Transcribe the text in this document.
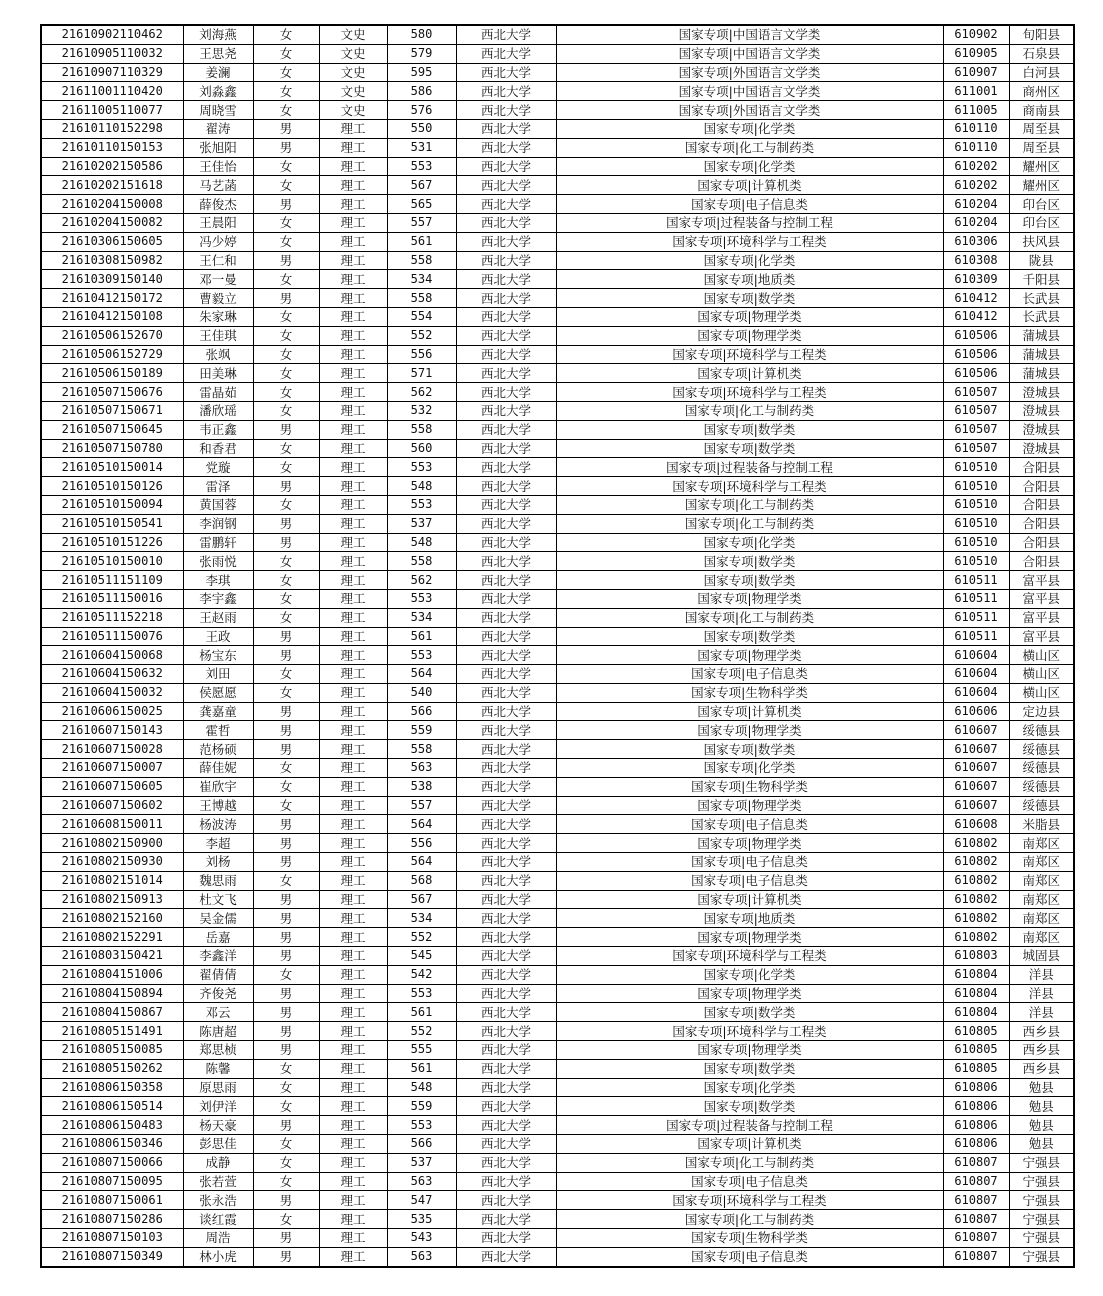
21610902110462	刘海燕	女	文史	580	西北大学	国家专项|中国语言文学类	610902	旬阳县
21610905110032	王思尧	女	文史	579	西北大学	国家专项|中国语言文学类	610905	石泉县
21610907110329	姜澜	女	文史	595	西北大学	国家专项|外国语言文学类	610907	白河县
21611001110420	刘淼鑫	女	文史	586	西北大学	国家专项|中国语言文学类	611001	商州区
21611005110077	周晓雪	女	文史	576	西北大学	国家专项|外国语言文学类	611005	商南县
21610110152298	翟涛	男	理工	550	西北大学	国家专项|化学类	610110	周至县
21610110150153	张旭阳	男	理工	531	西北大学	国家专项|化工与制药类	610110	周至县
21610202150586	王佳怡	女	理工	553	西北大学	国家专项|化学类	610202	耀州区
21610202151618	马艺菡	女	理工	567	西北大学	国家专项|计算机类	610202	耀州区
21610204150008	薛俊杰	男	理工	565	西北大学	国家专项|电子信息类	610204	印台区
21610204150082	王晨阳	女	理工	557	西北大学	国家专项|过程装备与控制工程	610204	印台区
21610306150605	冯少婷	女	理工	561	西北大学	国家专项|环境科学与工程类	610306	扶风县
21610308150982	王仁和	男	理工	558	西北大学	国家专项|化学类	610308	陇县
21610309150140	邓一曼	女	理工	534	西北大学	国家专项|地质类	610309	千阳县
21610412150172	曹毅立	男	理工	558	西北大学	国家专项|数学类	610412	长武县
21610412150108	朱家琳	女	理工	554	西北大学	国家专项|物理学类	610412	长武县
21610506152670	王佳琪	女	理工	552	西北大学	国家专项|物理学类	610506	蒲城县
21610506152729	张飒	女	理工	556	西北大学	国家专项|环境科学与工程类	610506	蒲城县
21610506150189	田美琳	女	理工	571	西北大学	国家专项|计算机类	610506	蒲城县
21610507150676	雷晶茹	女	理工	562	西北大学	国家专项|环境科学与工程类	610507	澄城县
21610507150671	潘欣瑶	女	理工	532	西北大学	国家专项|化工与制药类	610507	澄城县
21610507150645	韦正鑫	男	理工	558	西北大学	国家专项|数学类	610507	澄城县
21610507150780	和香君	女	理工	560	西北大学	国家专项|数学类	610507	澄城县
21610510150014	党璇	女	理工	553	西北大学	国家专项|过程装备与控制工程	610510	合阳县
21610510150126	雷泽	男	理工	548	西北大学	国家专项|环境科学与工程类	610510	合阳县
21610510150094	黄国蓉	女	理工	553	西北大学	国家专项|化工与制药类	610510	合阳县
21610510150541	李润钢	男	理工	537	西北大学	国家专项|化工与制药类	610510	合阳县
21610510151226	雷鹏轩	男	理工	548	西北大学	国家专项|化学类	610510	合阳县
21610510150010	张雨悦	女	理工	558	西北大学	国家专项|数学类	610510	合阳县
21610511151109	李琪	女	理工	562	西北大学	国家专项|数学类	610511	富平县
21610511150016	李宇鑫	女	理工	553	西北大学	国家专项|物理学类	610511	富平县
21610511152218	王赵雨	女	理工	534	西北大学	国家专项|化工与制药类	610511	富平县
21610511150076	王政	男	理工	561	西北大学	国家专项|数学类	610511	富平县
21610604150068	杨宝东	男	理工	553	西北大学	国家专项|物理学类	610604	横山区
21610604150632	刘田	女	理工	564	西北大学	国家专项|电子信息类	610604	横山区
21610604150032	侯愿愿	女	理工	540	西北大学	国家专项|生物科学类	610604	横山区
21610606150025	龚嘉童	男	理工	566	西北大学	国家专项|计算机类	610606	定边县
21610607150143	霍哲	男	理工	559	西北大学	国家专项|物理学类	610607	绥德县
21610607150028	范杨硕	男	理工	558	西北大学	国家专项|数学类	610607	绥德县
21610607150007	薛佳妮	女	理工	563	西北大学	国家专项|化学类	610607	绥德县
21610607150605	崔欣宇	女	理工	538	西北大学	国家专项|生物科学类	610607	绥德县
21610607150602	王博越	女	理工	557	西北大学	国家专项|物理学类	610607	绥德县
21610608150011	杨波涛	男	理工	564	西北大学	国家专项|电子信息类	610608	米脂县
21610802150900	李超	男	理工	556	西北大学	国家专项|物理学类	610802	南郑区
21610802150930	刘杨	男	理工	564	西北大学	国家专项|电子信息类	610802	南郑区
21610802151014	魏思雨	女	理工	568	西北大学	国家专项|电子信息类	610802	南郑区
21610802150913	杜文飞	男	理工	567	西北大学	国家专项|计算机类	610802	南郑区
21610802152160	吴金儒	男	理工	534	西北大学	国家专项|地质类	610802	南郑区
21610802152291	岳嘉	男	理工	552	西北大学	国家专项|物理学类	610802	南郑区
21610803150421	李鑫洋	男	理工	545	西北大学	国家专项|环境科学与工程类	610803	城固县
21610804151006	翟倩倩	女	理工	542	西北大学	国家专项|化学类	610804	洋县
21610804150894	齐俊尧	男	理工	553	西北大学	国家专项|物理学类	610804	洋县
21610804150867	邓云	男	理工	561	西北大学	国家专项|数学类	610804	洋县
21610805151491	陈唐超	男	理工	552	西北大学	国家专项|环境科学与工程类	610805	西乡县
21610805150085	郑思桢	男	理工	555	西北大学	国家专项|物理学类	610805	西乡县
21610805150262	陈馨	女	理工	561	西北大学	国家专项|数学类	610805	西乡县
21610806150358	原思雨	女	理工	548	西北大学	国家专项|化学类	610806	勉县
21610806150514	刘伊洋	女	理工	559	西北大学	国家专项|数学类	610806	勉县
21610806150483	杨天豪	男	理工	553	西北大学	国家专项|过程装备与控制工程	610806	勉县
21610806150346	彭思佳	女	理工	566	西北大学	国家专项|计算机类	610806	勉县
21610807150066	成静	女	理工	537	西北大学	国家专项|化工与制药类	610807	宁强县
21610807150095	张若萱	女	理工	563	西北大学	国家专项|电子信息类	610807	宁强县
21610807150061	张永浩	男	理工	547	西北大学	国家专项|环境科学与工程类	610807	宁强县
21610807150286	谈红霞	女	理工	535	西北大学	国家专项|化工与制药类	610807	宁强县
21610807150103	周浩	男	理工	543	西北大学	国家专项|生物科学类	610807	宁强县
21610807150349	林小虎	男	理工	563	西北大学	国家专项|电子信息类	610807	宁强县
